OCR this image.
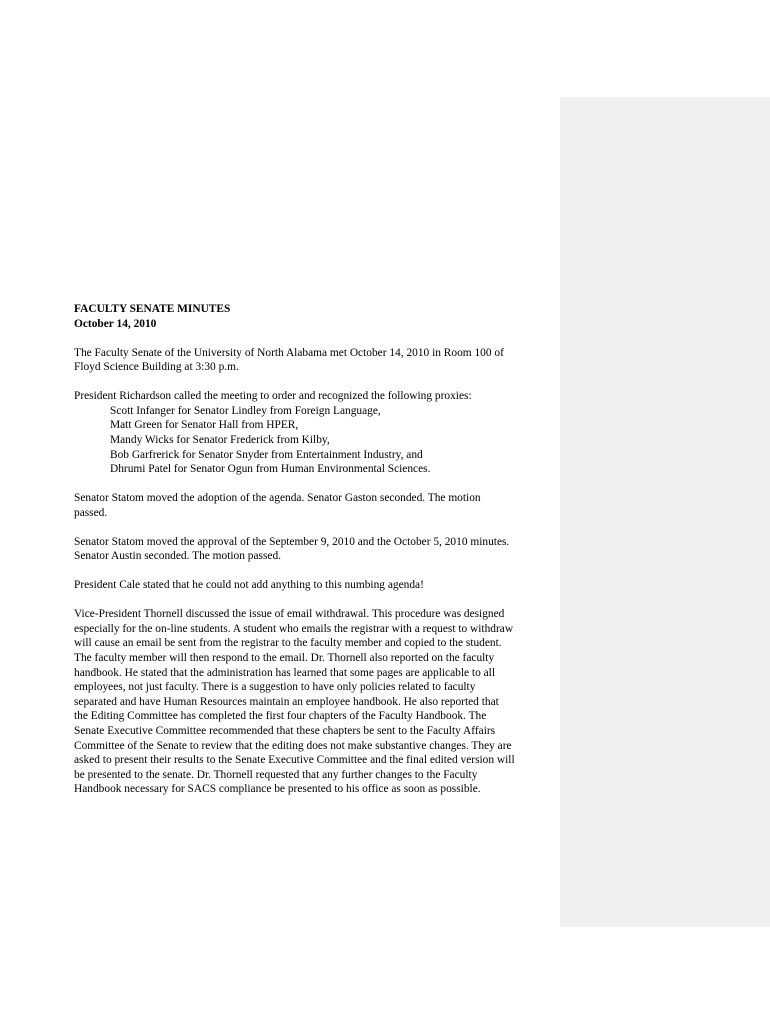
FACULTY SENATE MINUTES

October 14, 2010

The Faculty Senate of the University of North Alabama met October 14, 2010 in Room 100 of
Floyd Science Building at 3:30 p.m.

President Richardson called the meeting to order and recognized the following proxies:
Scott Infanger for Senator Lindley from Foreign Language,
Matt Green for Senator Hall from HPER,
Mandy Wicks for Senator Frederick from Kilby,
Bob Garfrerick for Senator Snyder from Entertainment Industry, and
Dhrumi Patel for Senator Ogun from Human Environmental Sciences.

Senator Statom moved the adoption of the agenda. Senator Gaston seconded. The motion
passed.

Senator Statom moved the approval of the September 9, 2010 and the October 5, 2010 minutes.
Senator Austin seconded. The motion passed.

President Cale stated that he could not add anything to this numbing agenda!

Vice-President Thornell discussed the issue of email withdrawal. This procedure was designed
especially for the on-line students. A student who emails the registrar with a request to withdraw
will cause an email be sent from the registrar to the faculty member and copied to the student.
The faculty member will then respond to the email. Dr. Thornell also reported on the faculty
handbook. He stated that the administration has learned that some pages are applicable to all
employees, not just faculty. There is a suggestion to have only policies related to faculty
separated and have Human Resources maintain an employee handbook. He also reported that
the Editing Committee has completed the first four chapters of the Faculty Handbook. The
Senate Executive Committee recommended that these chapters be sent to the Faculty Affairs
Committee of the Senate to review that the editing does not make substantive changes. They are
asked to present their results to the Senate Executive Committee and the final edited version will
be presented to the senate. Dr. Thornell requested that any further changes to the Faculty
Handbook necessary for SACS compliance be presented to his office as soon as possible.
